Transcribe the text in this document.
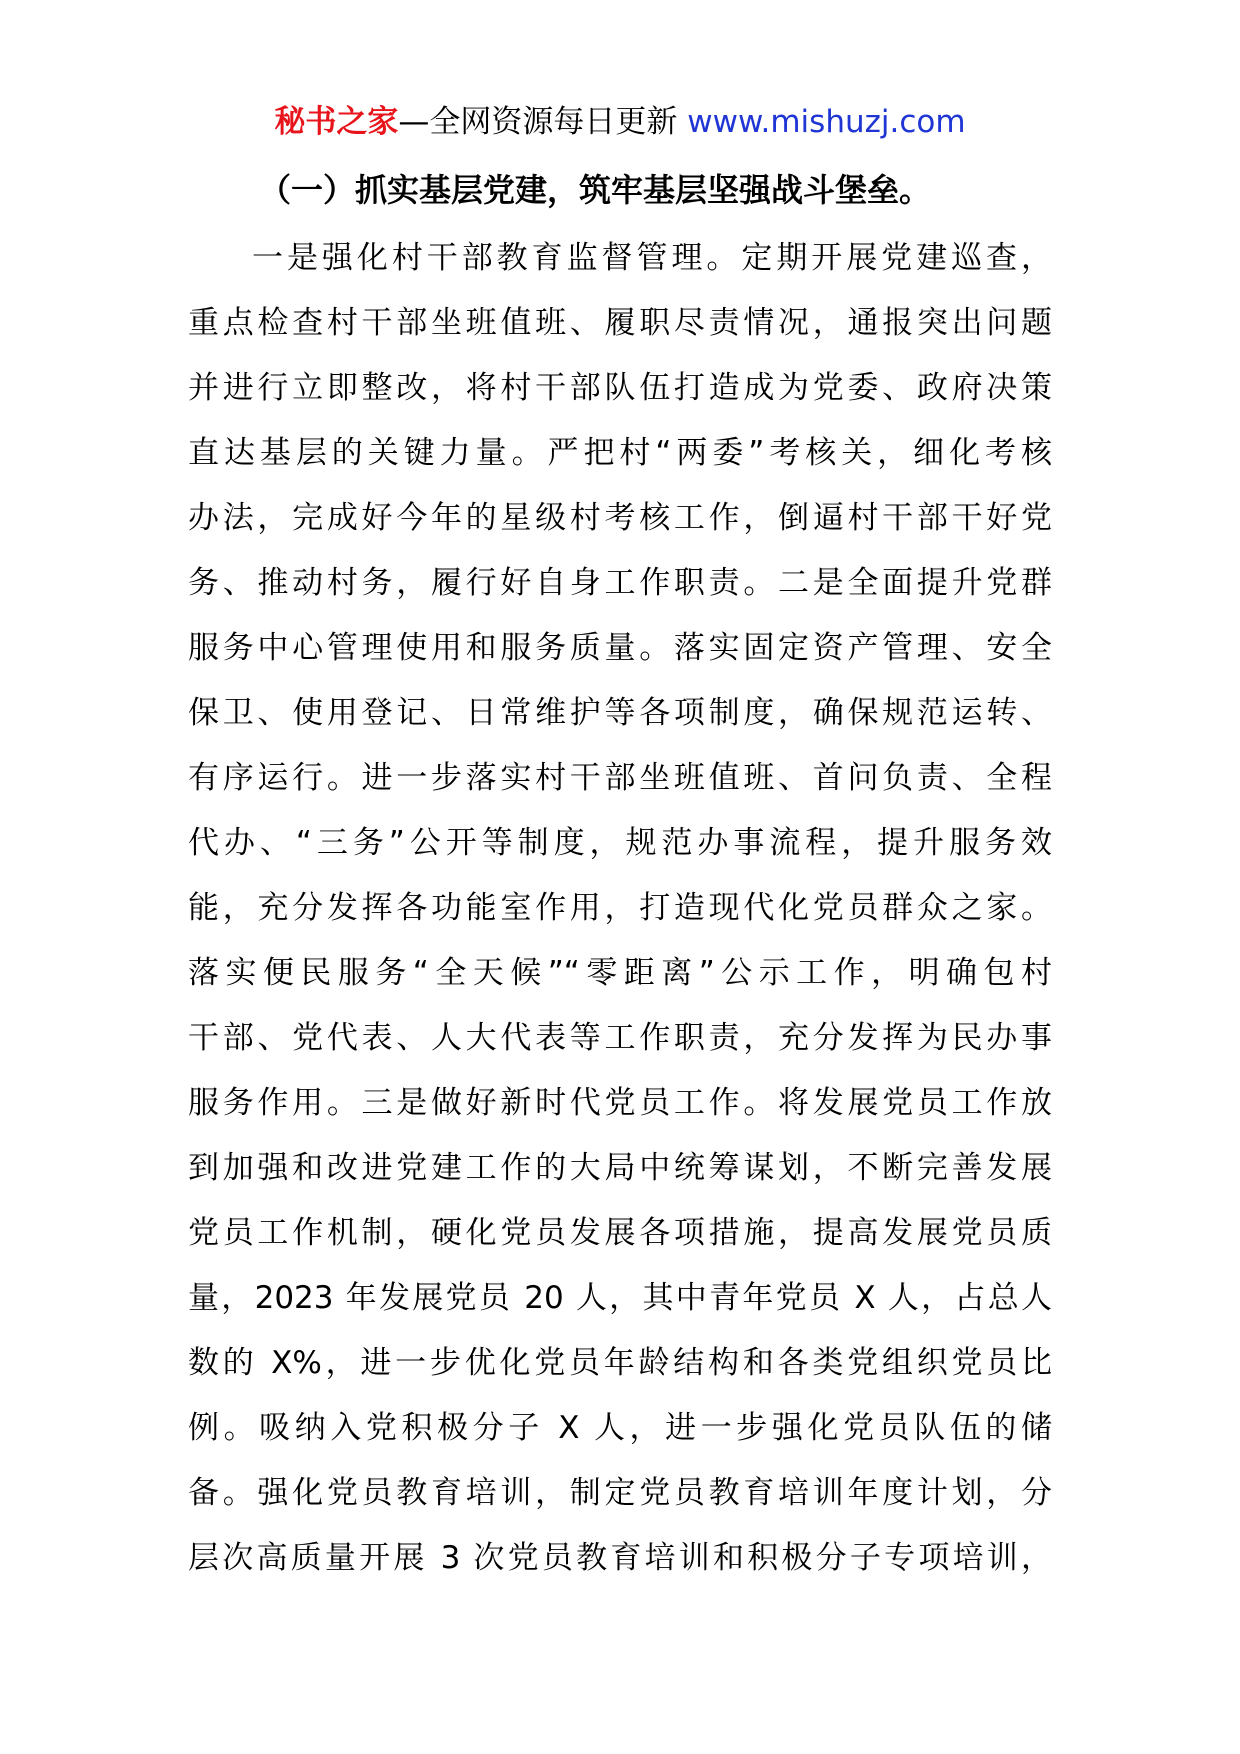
秘书之家—全网资源每日更新 www.mishuzj.com
（一）抓实基层党建，筑牢基层坚强战斗堡垒。
一是强化村干部教育监督管理。定期开展党建巡查，
重点检查村干部坐班值班、履职尽责情况，通报突出问题
并进行立即整改，将村干部队伍打造成为党委、政府决策
直达基层的关键力量。严把村“两委”考核关，细化考核
办法，完成好今年的星级村考核工作，倒逼村干部干好党
务、推动村务，履行好自身工作职责。二是全面提升党群
服务中心管理使用和服务质量。落实固定资产管理、安全
保卫、使用登记、日常维护等各项制度，确保规范运转、
有序运行。进一步落实村干部坐班值班、首问负责、全程
代办、“三务”公开等制度，规范办事流程，提升服务效
能，充分发挥各功能室作用，打造现代化党员群众之家。
落实便民服务“全天候”“零距离”公示工作，明确包村
干部、党代表、人大代表等工作职责，充分发挥为民办事
服务作用。三是做好新时代党员工作。将发展党员工作放
到加强和改进党建工作的大局中统筹谋划，不断完善发展
党员工作机制，硬化党员发展各项措施，提高发展党员质
量，2023 年发展党员 20 人，其中青年党员 X 人，占总人
数的 X%，进一步优化党员年龄结构和各类党组织党员比
例。吸纳入党积极分子 X 人，进一步强化党员队伍的储
备。强化党员教育培训，制定党员教育培训年度计划，分
层次高质量开展 3 次党员教育培训和积极分子专项培训，
